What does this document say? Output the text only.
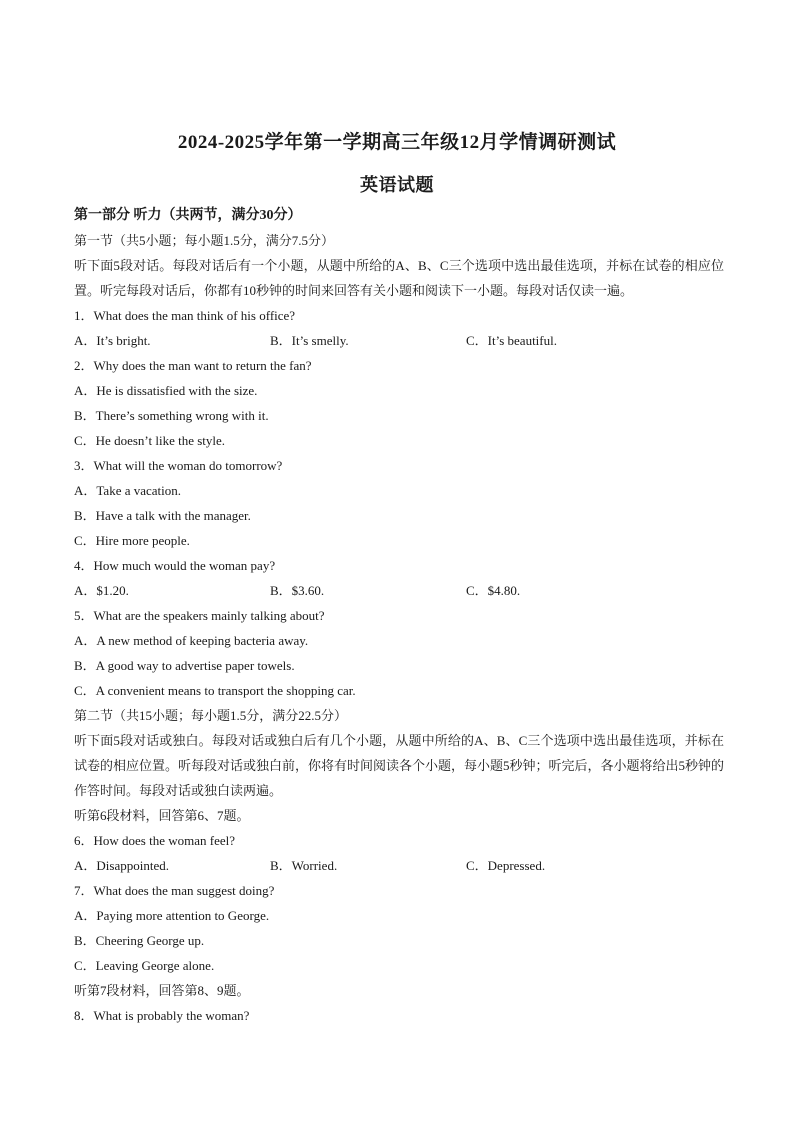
2024-2025学年第一学期高三年级12月学情调研测试
英语试题
第一部分 听力（共两节，满分30分）
第一节（共5小题；每小题1.5分，满分7.5分）
听下面5段对话。每段对话后有一个小题，从题中所给的A、B、C三个选项中选出最佳选项，并标在试卷的相应位置。听完每段对话后，你都有10秒钟的时间来回答有关小题和阅读下一小题。每段对话仅读一遍。
1．What does the man think of his office?
A．It’s bright.	B．It’s smelly.	C．It’s beautiful.
2．Why does the man want to return the fan?
A．He is dissatisfied with the size.
B．There’s something wrong with it.
C．He doesn’t like the style.
3．What will the woman do tomorrow?
A．Take a vacation.
B．Have a talk with the manager.
C．Hire more people.
4．How much would the woman pay?
A．$1.20.	B．$3.60.	C．$4.80.
5．What are the speakers mainly talking about?
A．A new method of keeping bacteria away.
B．A good way to advertise paper towels.
C．A convenient means to transport the shopping car.
第二节（共15小题；每小题1.5分，满分22.5分）
听下面5段对话或独白。每段对话或独白后有几个小题，从题中所给的A、B、C三个选项中选出最佳选项，并标在试卷的相应位置。听每段对话或独白前，你将有时间阅读各个小题，每小题5秒钟；听完后，各小题将给出5秒钟的作答时间。每段对话或独白读两遍。
听第6段材料，回答第6、7题。
6．How does the woman feel?
A．Disappointed.	B．Worried.	C．Depressed.
7．What does the man suggest doing?
A．Paying more attention to George.
B．Cheering George up.
C．Leaving George alone.
听第7段材料，回答第8、9题。
8．What is probably the woman?
